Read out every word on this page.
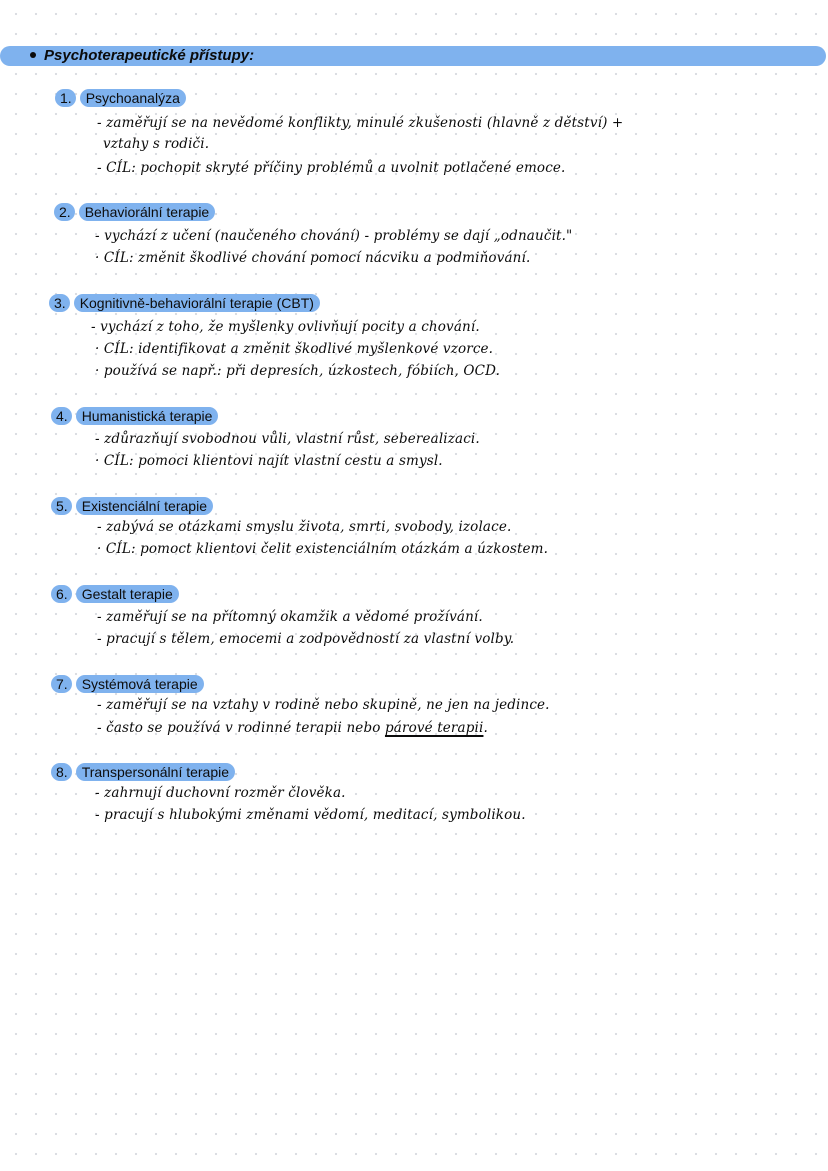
Psychoterapeutické přístupy:
1. Psychoanalýza
- zaměřují se na nevědomé konflikty, minulé zkušenosti (hlavně z dětství) +
vztahy s rodiči.
- CÍL: pochopit skryté příčiny problémů a uvolnit potlačené emoce.
2. Behaviorální terapie
- vychází z učení (naučeného chování) - problémy se dají „odnaučit."
· CÍL: změnit škodlivé chování pomocí nácviku a podmiňování.
3. Kognitivně-behaviorální terapie (CBT)
- vychází z toho, že myšlenky ovlivňují pocity a chování.
· CÍL: identifikovat a změnit škodlivé myšlenkové vzorce.
· používá se např.: při depresích, úzkostech, fóbiích, OCD.
4. Humanistická terapie
- zdůrazňují svobodnou vůli, vlastní růst, seberealizaci.
· CÍL: pomoci klientovi najít vlastní cestu a smysl.
5. Existenciální terapie
- zabývá se otázkami smyslu života, smrti, svobody, izolace.
· CÍL: pomoct klientovi čelit existenciálním otázkám a úzkostem.
6. Gestalt terapie
- zaměřují se na přítomný okamžik a vědomé prožívání.
- pracují s tělem, emocemi a zodpovědností za vlastní volby.
7. Systémová terapie
- zaměřují se na vztahy v rodině nebo skupině, ne jen na jedince.
- často se používá v rodinné terapii nebo párové terapii.
8. Transpersonální terapie
- zahrnují duchovní rozměr člověka.
- pracují s hlubokými změnami vědomí, meditací, symbolikou.
